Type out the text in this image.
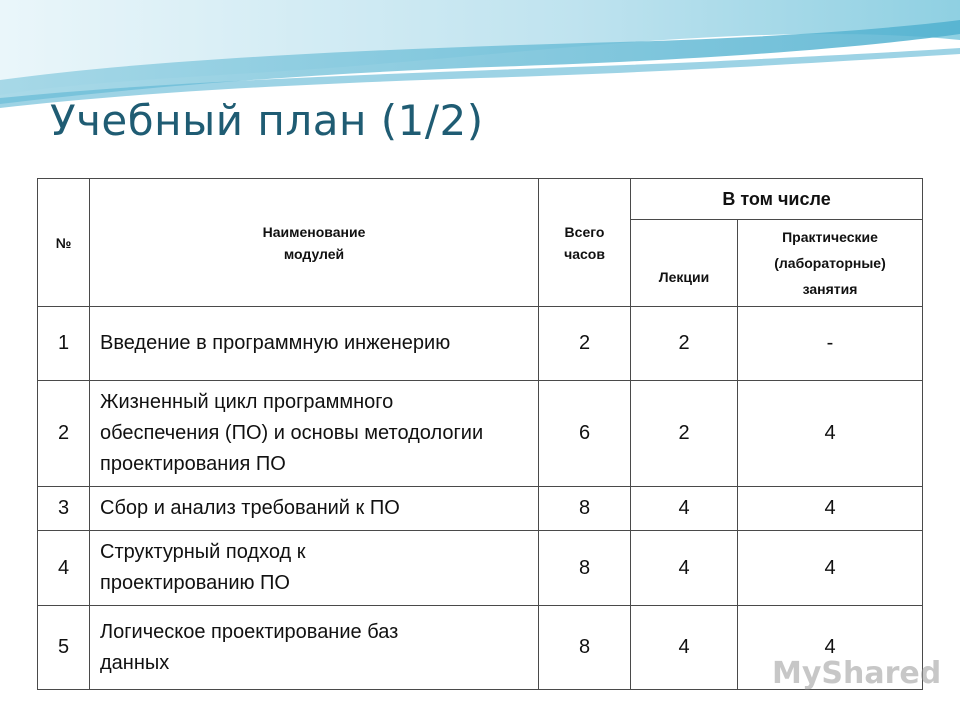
Учебный план (1/2)
№	Наименование модулей	Всего часов	В том числе	
			Лекции	Практические (лабораторные) занятия

1	Введение в программную инженерию	2	2	-
2	Жизненный цикл программного обеспечения (ПО) и основы методологии проектирования ПО	6	2	4
3	Сбор и анализ требований к ПО	8	4	4
4	Структурный подход к проектированию ПО	8	4	4
5	Логическое проектирование баз данных	8	4	4
MyShared
